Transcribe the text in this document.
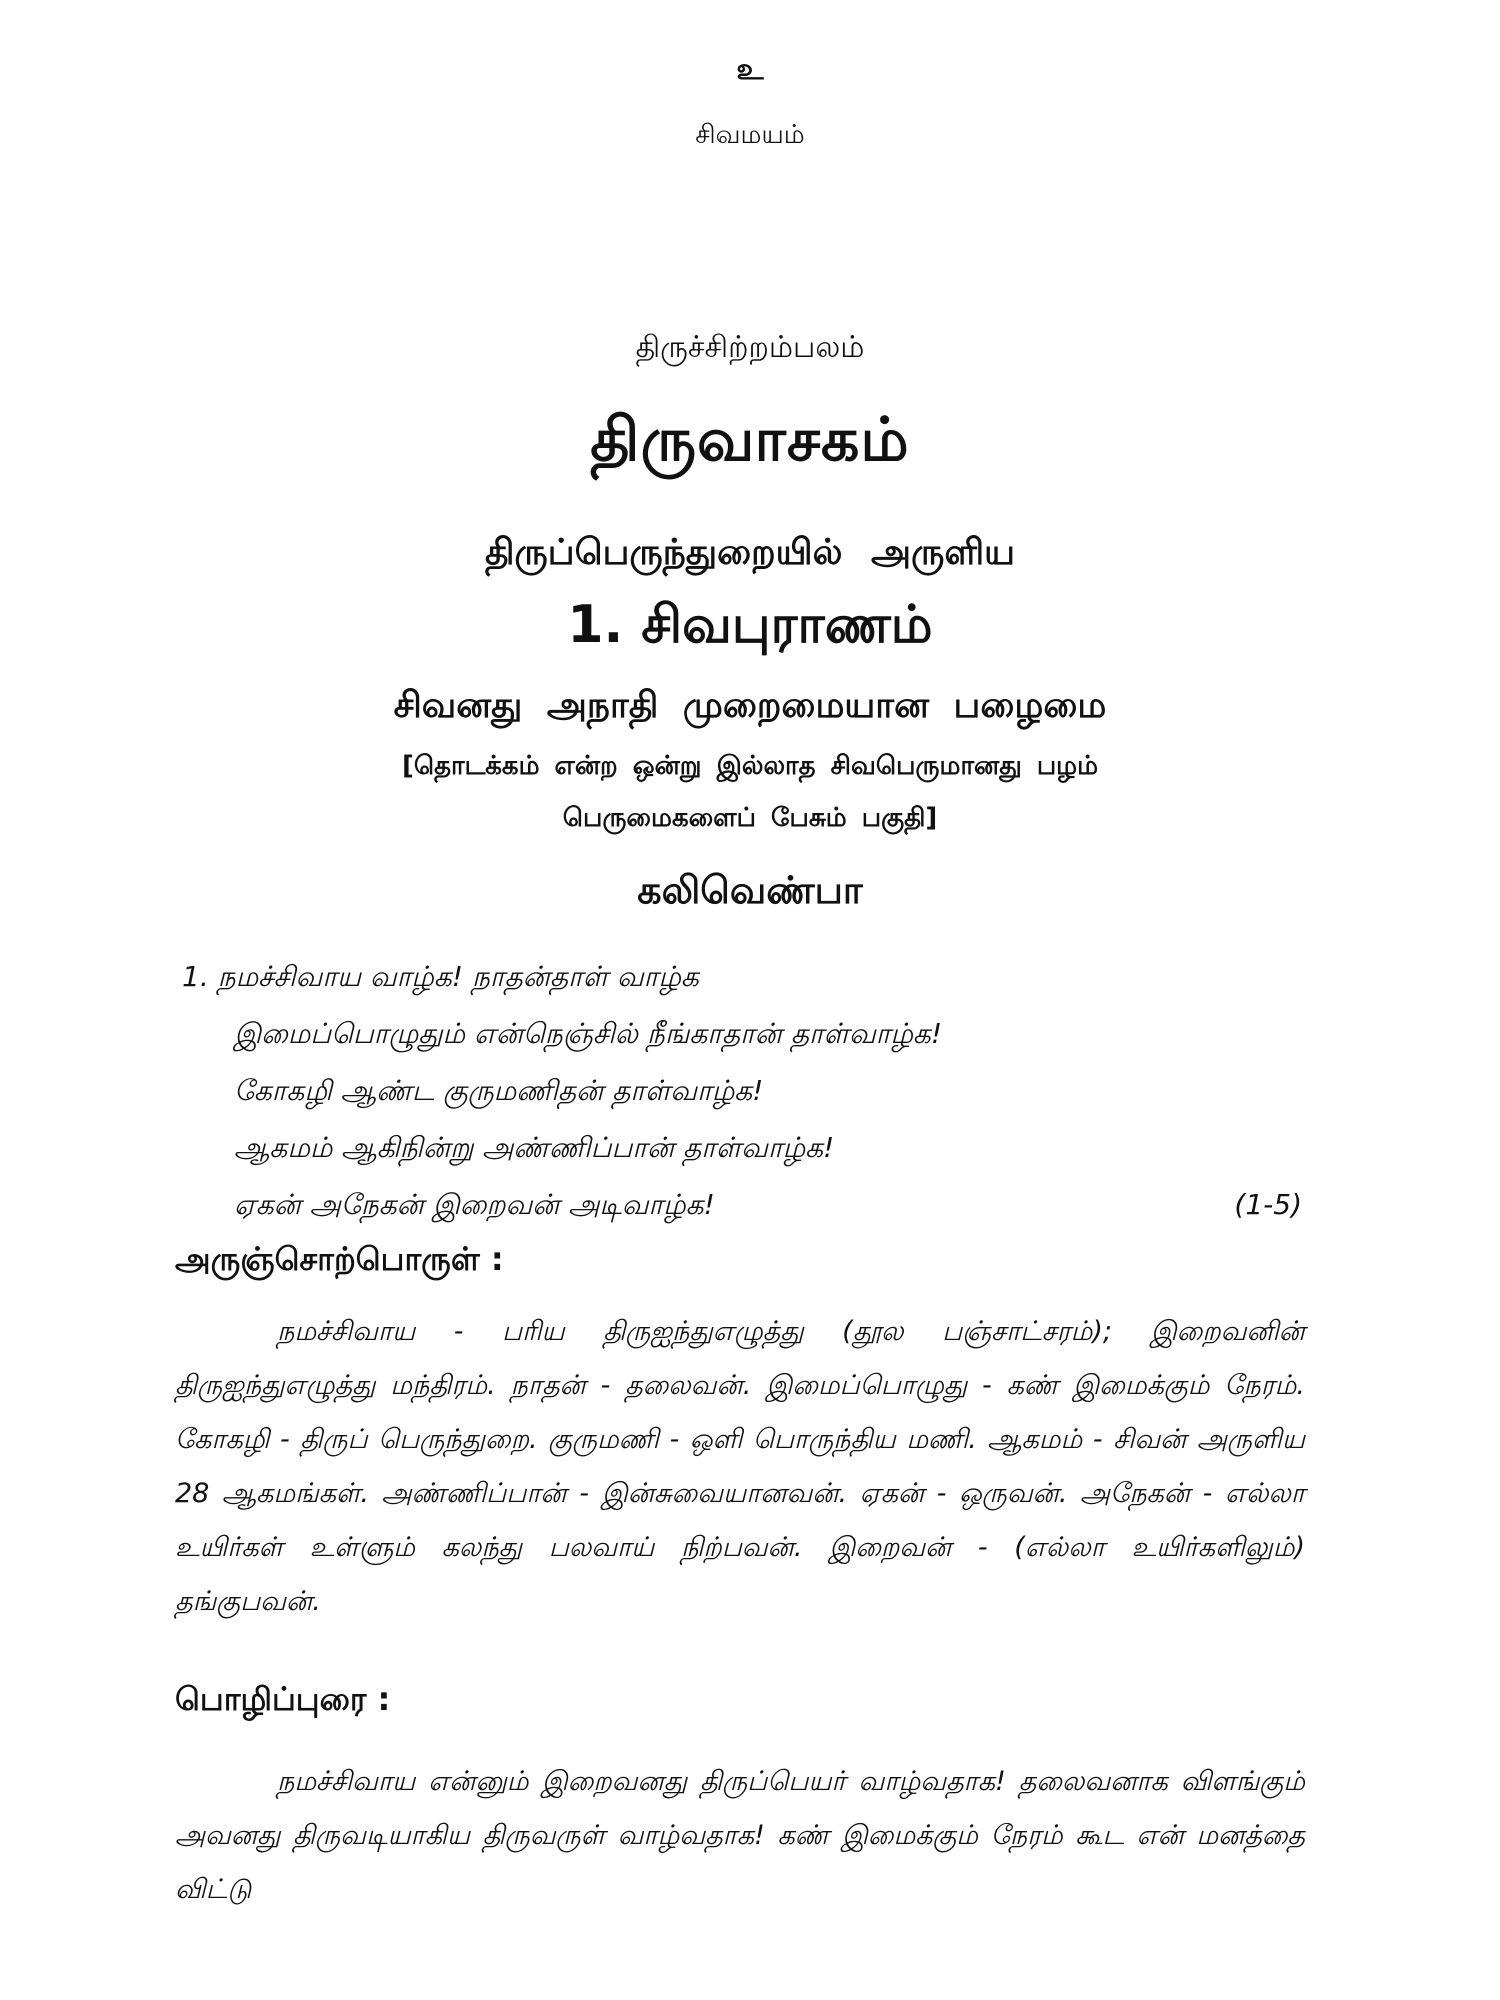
உ
சிவமயம்
திருச்சிற்றம்பலம்
திருவாசகம்
திருப்பெருந்துறையில் அருளிய
1. சிவபுராணம்
சிவனது அநாதி முறைமையான பழைமை
[தொடக்கம் என்ற ஒன்று இல்லாத சிவபெருமானது பழம்
பெருமைகளைப் பேசும் பகுதி]
கலிவெண்பா
1. நமச்சிவாய வாழ்க! நாதன்தாள் வாழ்க
இமைப்பொழுதும் என்நெஞ்சில் நீங்காதான் தாள்வாழ்க!
கோகழி ஆண்ட குருமணிதன் தாள்வாழ்க!
ஆகமம் ஆகிநின்று அண்ணிப்பான் தாள்வாழ்க!
ஏகன் அநேகன் இறைவன் அடிவாழ்க!	(1-5)
அருஞ்சொற்பொருள் :
நமச்சிவாய - பரிய திருஐந்துஎழுத்து (தூல பஞ்சாட்சரம்); இறைவனின் திருஐந்துஎழுத்து மந்திரம். நாதன் - தலைவன். இமைப்பொழுது - கண் இமைக்கும் நேரம். கோகழி - திருப் பெருந்துறை. குருமணி - ஒளி பொருந்திய மணி. ஆகமம் - சிவன் அருளிய 28 ஆகமங்கள். அண்ணிப்பான் - இன்சுவையானவன். ஏகன் - ஒருவன். அநேகன் - எல்லா உயிர்கள் உள்ளும் கலந்து பலவாய் நிற்பவன். இறைவன் - (எல்லா உயிர்களிலும்) தங்குபவன்.
பொழிப்புரை :
நமச்சிவாய என்னும் இறைவனது திருப்பெயர் வாழ்வதாக! தலைவனாக விளங்கும் அவனது திருவடியாகிய திருவருள் வாழ்வதாக! கண் இமைக்கும் நேரம் கூட என் மனத்தை விட்டு
